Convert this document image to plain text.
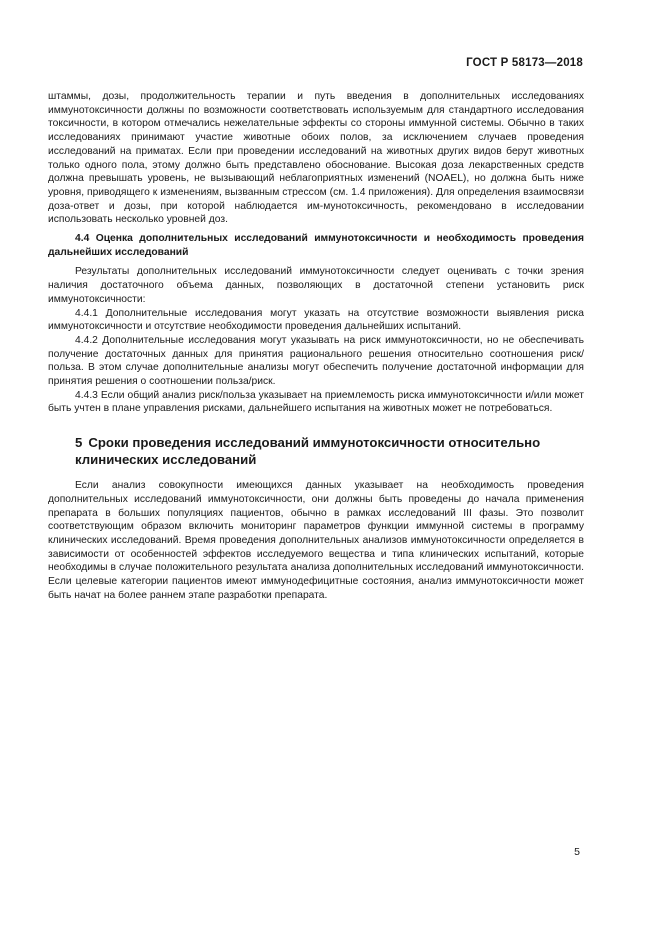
ГОСТ Р 58173—2018

штаммы, дозы, продолжительность терапии и путь введения в дополнительных исследованиях иммунотоксичности должны по возможности соответствовать используемым для стандартного исследования токсичности, в котором отмечались нежелательные эффекты со стороны иммунной системы. Обычно в таких исследованиях принимают участие животные обоих полов, за исключением случаев проведения исследований на приматах. Если при проведении исследований на животных других видов берут животных только одного пола, этому должно быть представлено обоснование. Высокая доза лекарственных средств должна превышать уровень, не вызывающий неблагоприятных изменений (NOAEL), но должна быть ниже уровня, приводящего к изменениям, вызванным стрессом (см. 1.4 приложения). Для определения взаимосвязи доза-ответ и дозы, при которой наблюдается им-мунотоксичность, рекомендовано в исследовании использовать несколько уровней доз.

4.4 Оценка дополнительных исследований иммунотоксичности и необходимость проведения дальнейших исследований

Результаты дополнительных исследований иммунотоксичности следует оценивать с точки зрения наличия достаточного объема данных, позволяющих в достаточной степени установить риск иммунотоксичности:

4.4.1 Дополнительные исследования могут указать на отсутствие возможности выявления риска иммунотоксичности и отсутствие необходимости проведения дальнейших испытаний.

4.4.2 Дополнительные исследования могут указывать на риск иммунотоксичности, но не обеспечивать получение достаточных данных для принятия рационального решения относительно соотношения риск/польза. В этом случае дополнительные анализы могут обеспечить получение достаточной информации для принятия решения о соотношении польза/риск.

4.4.3 Если общий анализ риск/польза указывает на приемлемость риска иммунотоксичности и/или может быть учтен в плане управления рисками, дальнейшего испытания на животных может не потребоваться.

5 Сроки проведения исследований иммунотоксичности относительно клинических исследований

Если анализ совокупности имеющихся данных указывает на необходимость проведения дополнительных исследований иммунотоксичности, они должны быть проведены до начала применения препарата в больших популяциях пациентов, обычно в рамках исследований III фазы. Это позволит соответствующим образом включить мониторинг параметров функции иммунной системы в программу клинических исследований. Время проведения дополнительных анализов иммунотоксичности определяется в зависимости от особенностей эффектов исследуемого вещества и типа клинических испытаний, которые необходимы в случае положительного результата анализа дополнительных исследований иммунотоксичности. Если целевые категории пациентов имеют иммунодефицитные состояния, анализ иммунотоксичности может быть начат на более раннем этапе разработки препарата.

5
